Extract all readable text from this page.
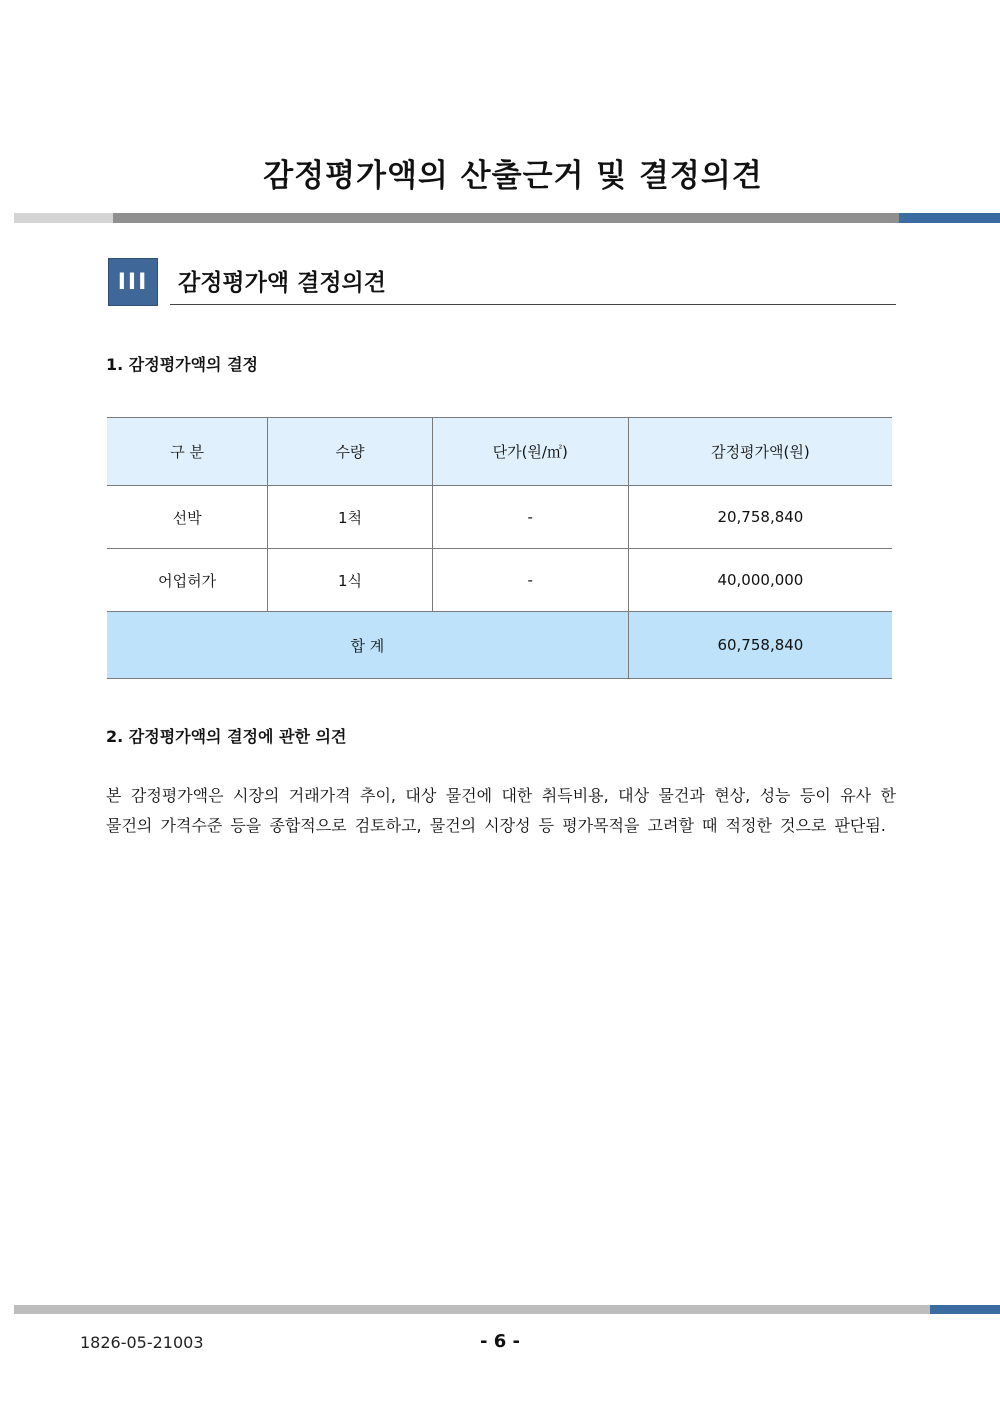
감정평가액의 산출근거 및 결정의견
III	감정평가액 결정의견
1. 감정평가액의 결정
구 분	수량	단가(원/㎡)	감정평가액(원)
선박	1척	-	20,758,840
어업허가	1식	-	40,000,000
합 계			60,758,840
2. 감정평가액의 결정에 관한 의견
본 감정평가액은 시장의 거래가격 추이, 대상 물건에 대한 취득비용, 대상 물건과 현상, 성능 등이 유사 한 물건의 가격수준 등을 종합적으로 검토하고, 물건의 시장성 등 평가목적을 고려할 때 적정한 것으로 판단됨.
1826-05-21003	- 6 -
